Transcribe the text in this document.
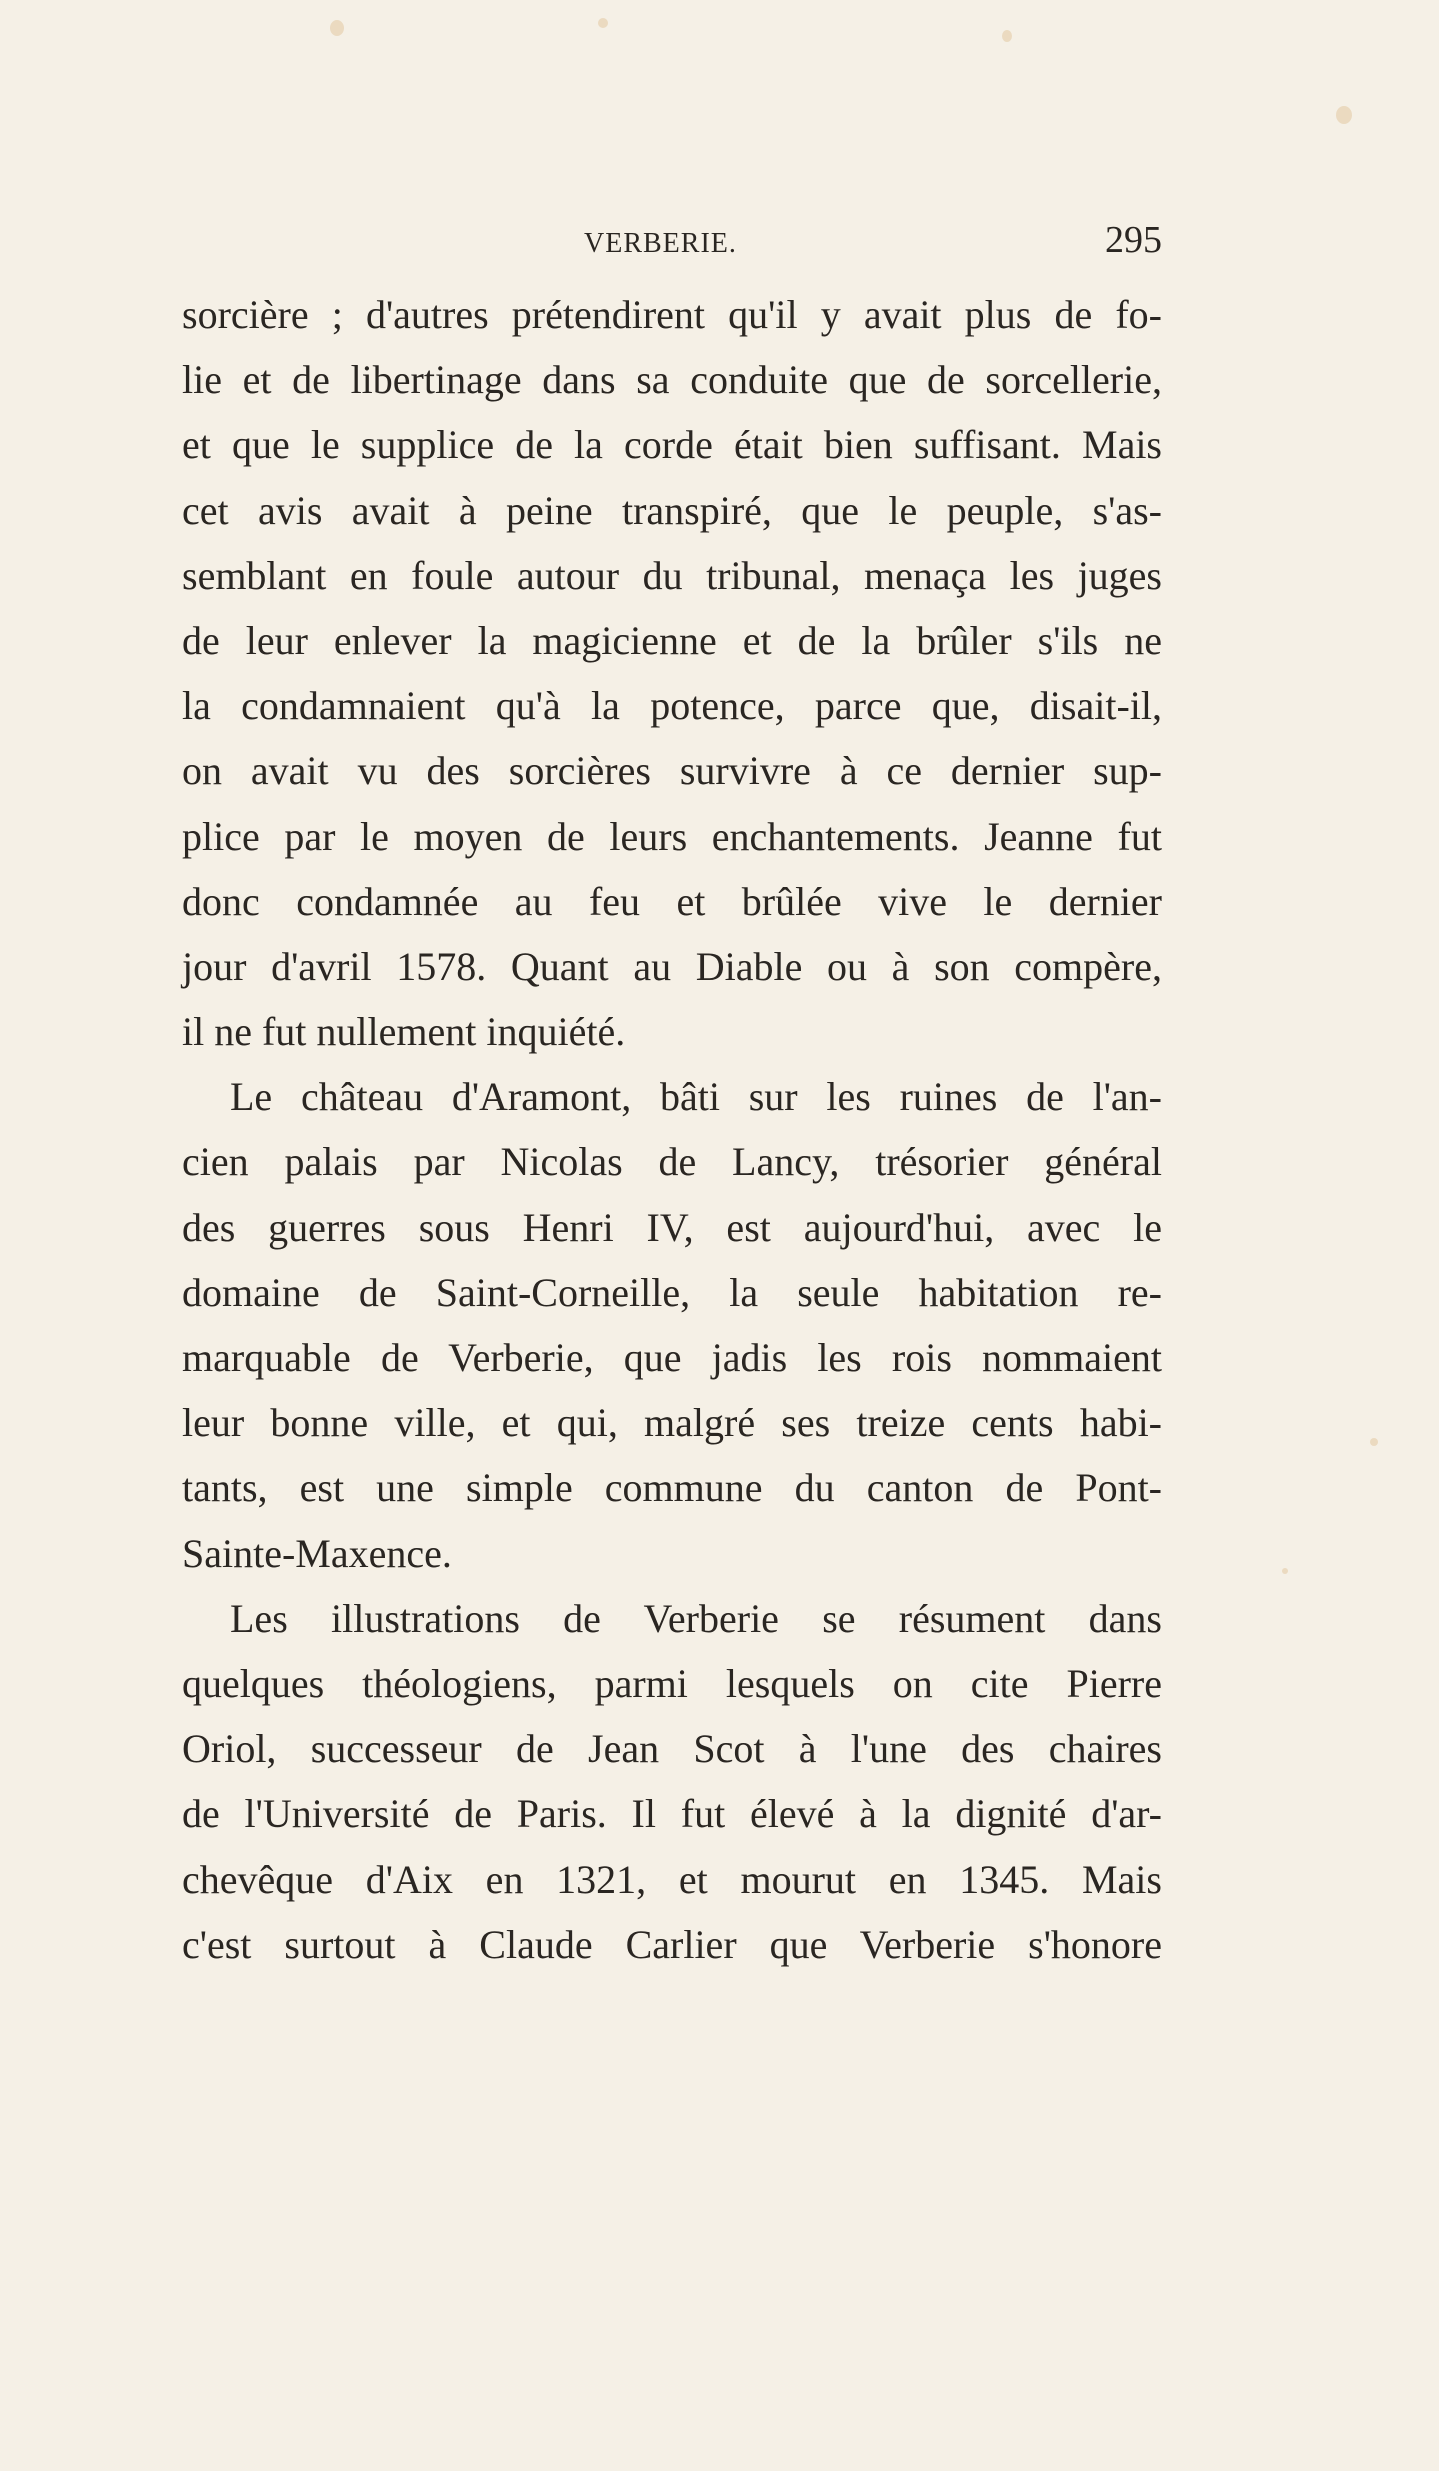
VERBERIE.	295
sorcière ; d'autres prétendirent qu'il y avait plus de fo-
lie et de libertinage dans sa conduite que de sorcellerie,
et que le supplice de la corde était bien suffisant. Mais
cet avis avait à peine transpiré, que le peuple, s'as-
semblant en foule autour du tribunal, menaça les juges
de leur enlever la magicienne et de la brûler s'ils ne
la condamnaient qu'à la potence, parce que, disait-il,
on avait vu des sorcières survivre à ce dernier sup-
plice par le moyen de leurs enchantements. Jeanne fut
donc condamnée au feu et brûlée vive le dernier
jour d'avril 1578. Quant au Diable ou à son compère,
il ne fut nullement inquiété.
Le château d'Aramont, bâti sur les ruines de l'an-
cien palais par Nicolas de Lancy, trésorier général
des guerres sous Henri IV, est aujourd'hui, avec le
domaine de Saint-Corneille, la seule habitation re-
marquable de Verberie, que jadis les rois nommaient
leur bonne ville, et qui, malgré ses treize cents habi-
tants, est une simple commune du canton de Pont-
Sainte-Maxence.
Les illustrations de Verberie se résument dans
quelques théologiens, parmi lesquels on cite Pierre
Oriol, successeur de Jean Scot à l'une des chaires
de l'Université de Paris. Il fut élevé à la dignité d'ar-
chevêque d'Aix en 1321, et mourut en 1345. Mais
c'est surtout à Claude Carlier que Verberie s'honore
